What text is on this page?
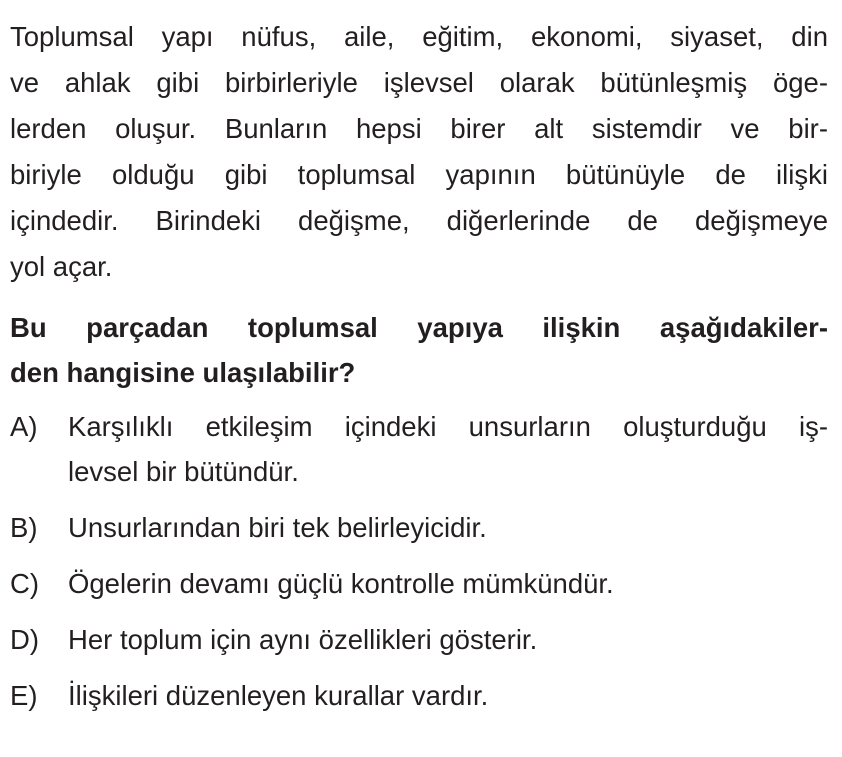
Toplumsal yapı nüfus, aile, eğitim, ekonomi, siyaset, din
ve ahlak gibi birbirleriyle işlevsel olarak bütünleşmiş öge-
lerden oluşur. Bunların hepsi birer alt sistemdir ve bir-
biriyle olduğu gibi toplumsal yapının bütünüyle de ilişki
içindedir. Birindeki değişme, diğerlerinde de değişmeye
yol açar.
Bu parçadan toplumsal yapıya ilişkin aşağıdakiler-
den hangisine ulaşılabilir?
A)	Karşılıklı etkileşim içindeki unsurların oluşturduğu iş-
levsel bir bütündür.
B)	Unsurlarından biri tek belirleyicidir.
C)	Ögelerin devamı güçlü kontrolle mümkündür.
D)	Her toplum için aynı özellikleri gösterir.
E)	İlişkileri düzenleyen kurallar vardır.
